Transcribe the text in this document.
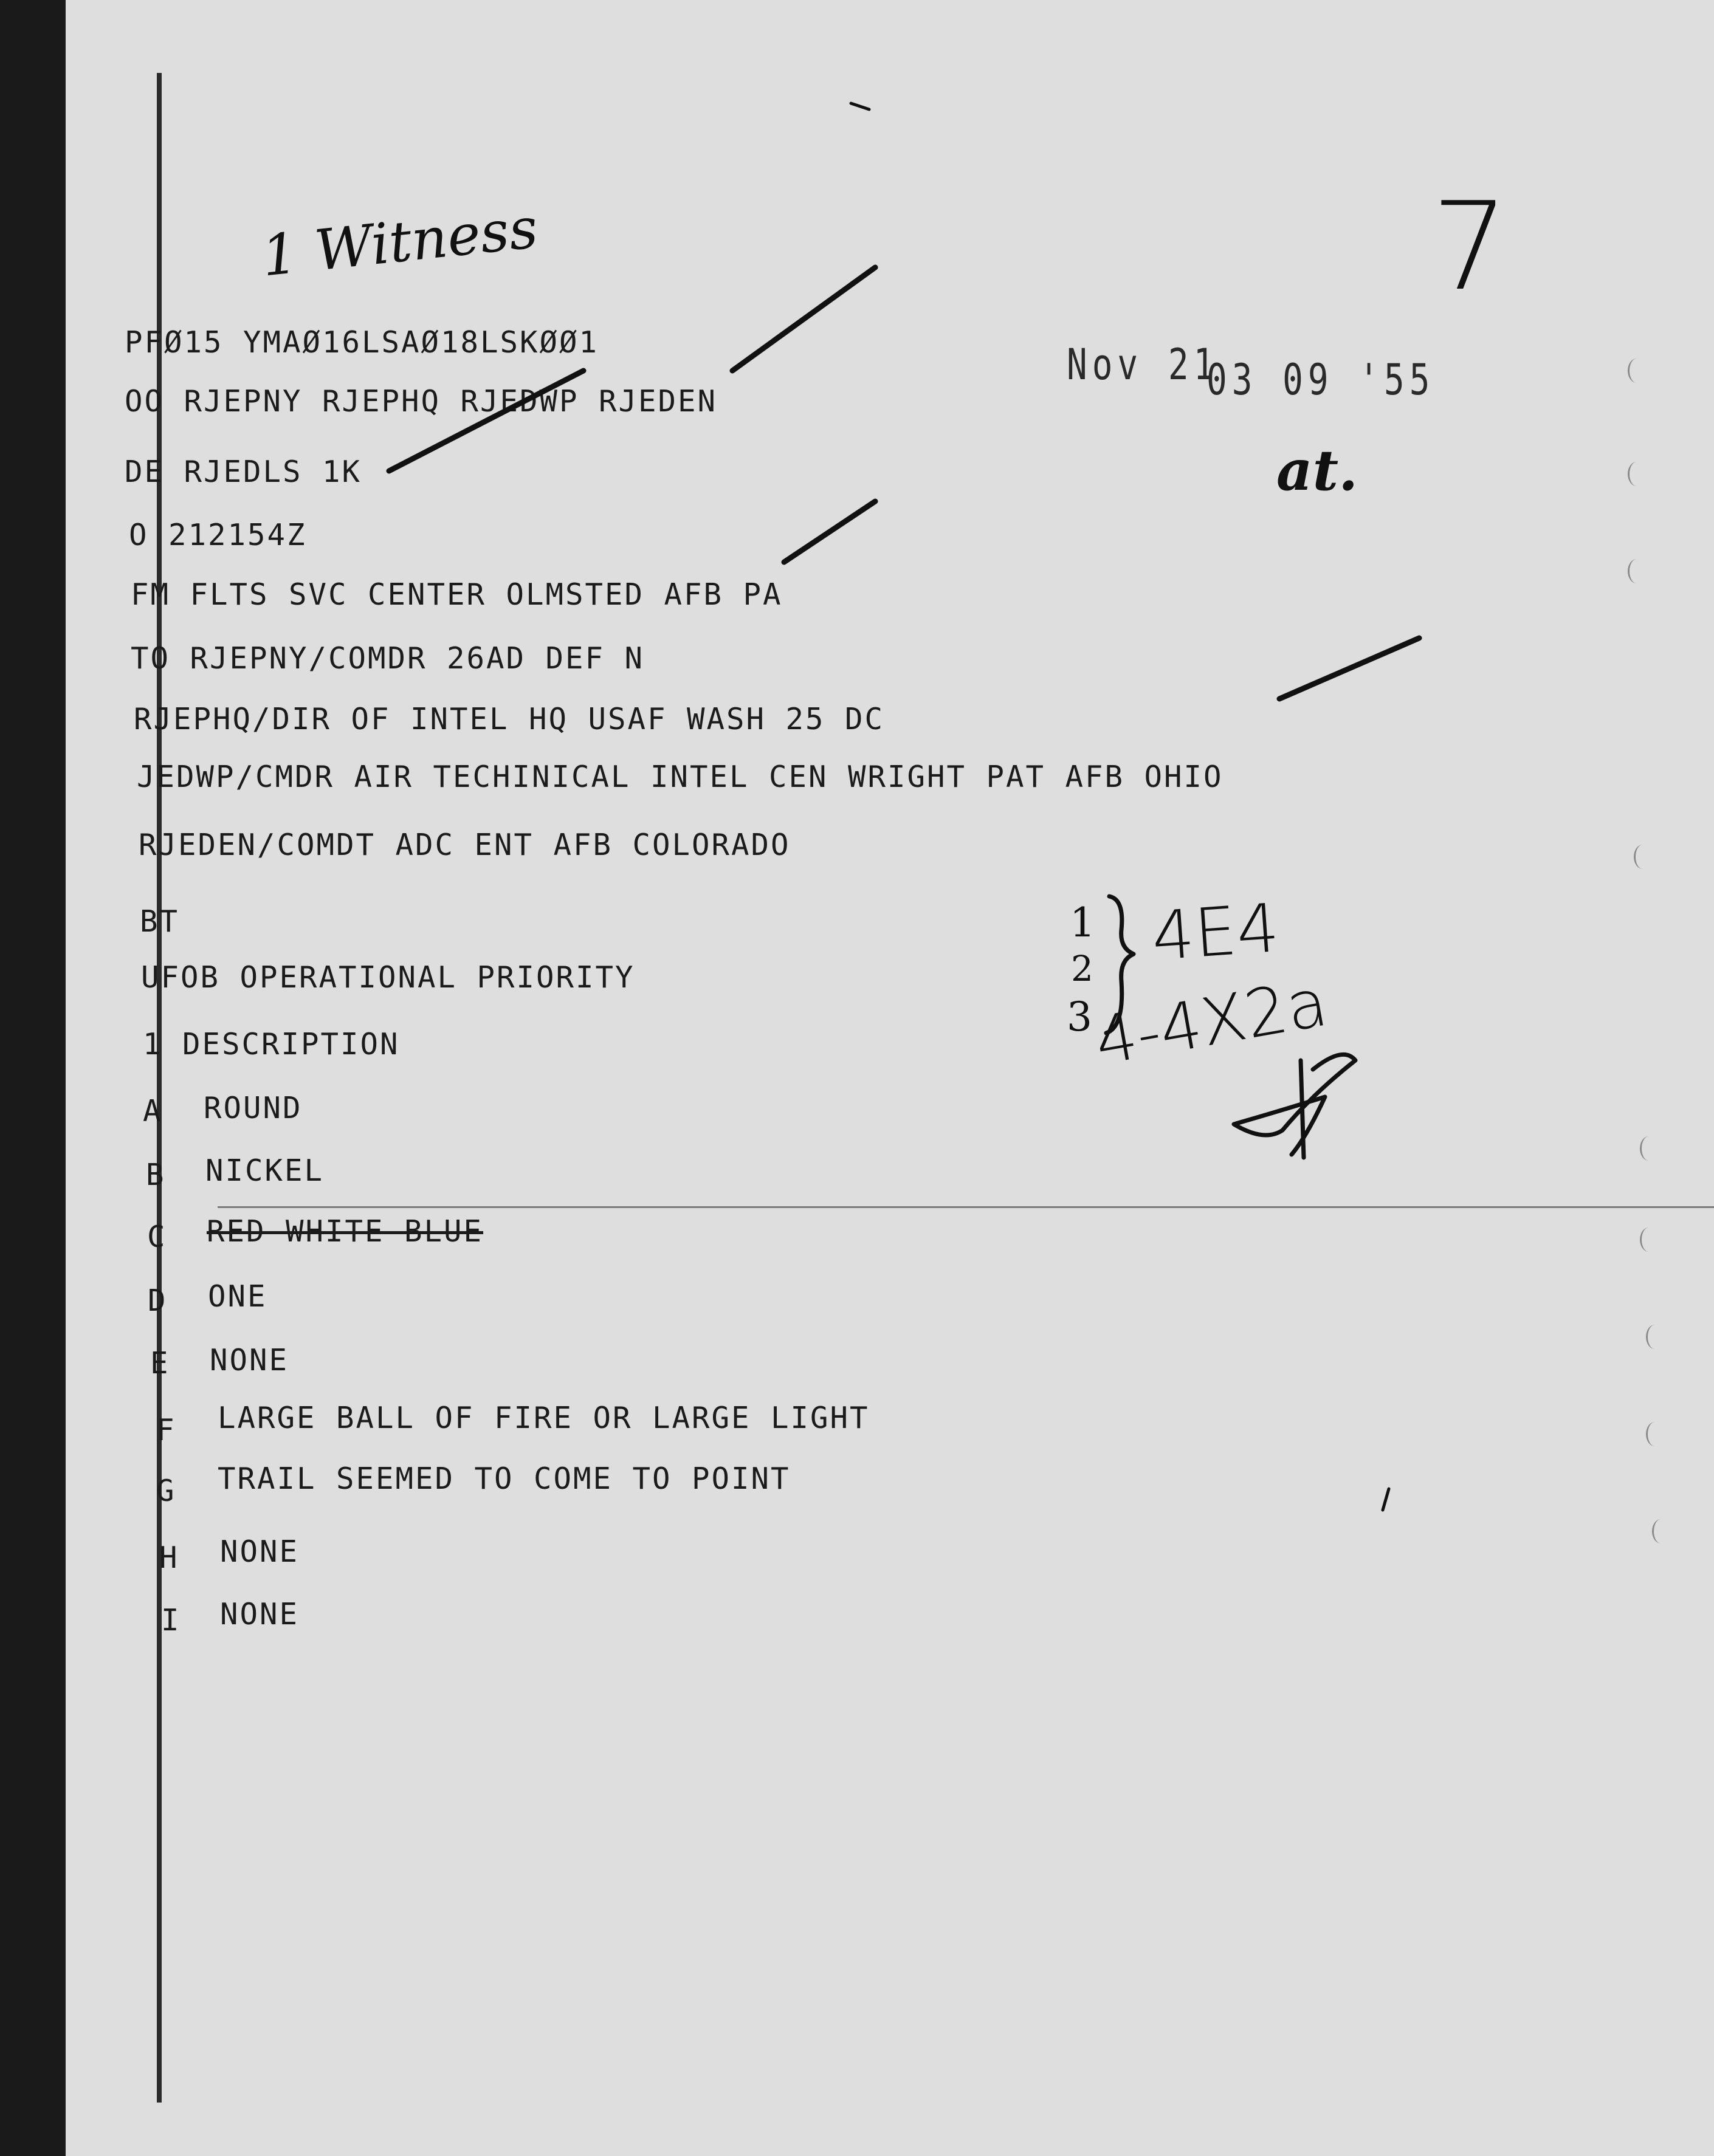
PFØ15 YMAØ16LSAØ18LSKØØ1
OO RJEPNY RJEPHQ RJEDWP RJEDEN
DE RJEDLS 1K
O 212154Z
FM FLTS SVC CENTER OLMSTED AFB PA
TO RJEPNY/COMDR 26AD DEF N
RJEPHQ/DIR OF INTEL HQ USAF WASH 25 DC
JEDWP/CMDR AIR TECHINICAL INTEL CEN WRIGHT PAT AFB OHIO
RJEDEN/COMDT ADC ENT AFB COLORADO
BT
UFOB OPERATIONAL PRIORITY
1 DESCRIPTION
A ROUND
B NICKEL
C RED WHITE BLUE
D ONE
E NONE
F LARGE BALL OF FIRE OR LARGE LIGHT
G TRAIL SEEMED TO COME TO POINT
H NONE
I NONE
Nov 21
03 09 '55
1 Witness	7
at.
1
2
3
4E4
4-4X2a
